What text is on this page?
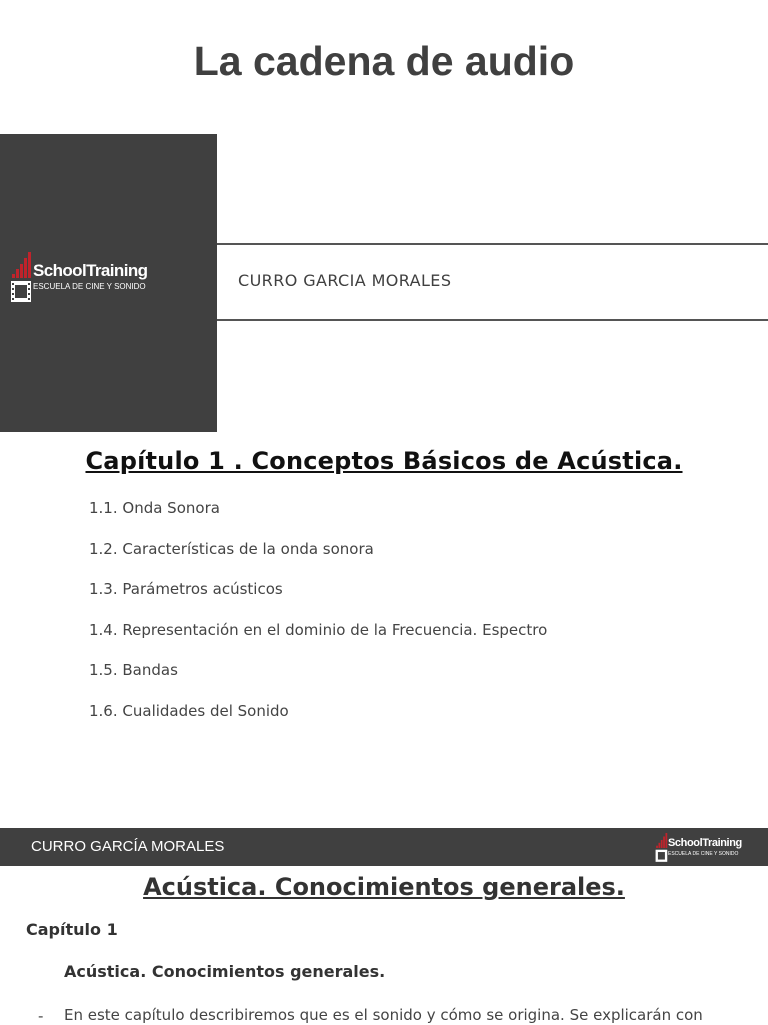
La cadena de audio
SchoolTraining
ESCUELA DE CINE Y SONIDO	CURRO GARCIA MORALES
Capítulo 1 . Conceptos Básicos de Acústica.
1.1. Onda Sonora
1.2. Características de la onda sonora
1.3. Parámetros acústicos
1.4. Representación en el dominio de la Frecuencia. Espectro
1.5. Bandas
1.6. Cualidades del Sonido
CURRO GARCÍA MORALES	SchoolTraining
ESCUELA DE CINE Y SONIDO
Acústica. Conocimientos generales.
Capítulo 1
Acústica. Conocimientos generales.
- En este capítulo describiremos que es el sonido y cómo se origina. Se explicarán con
